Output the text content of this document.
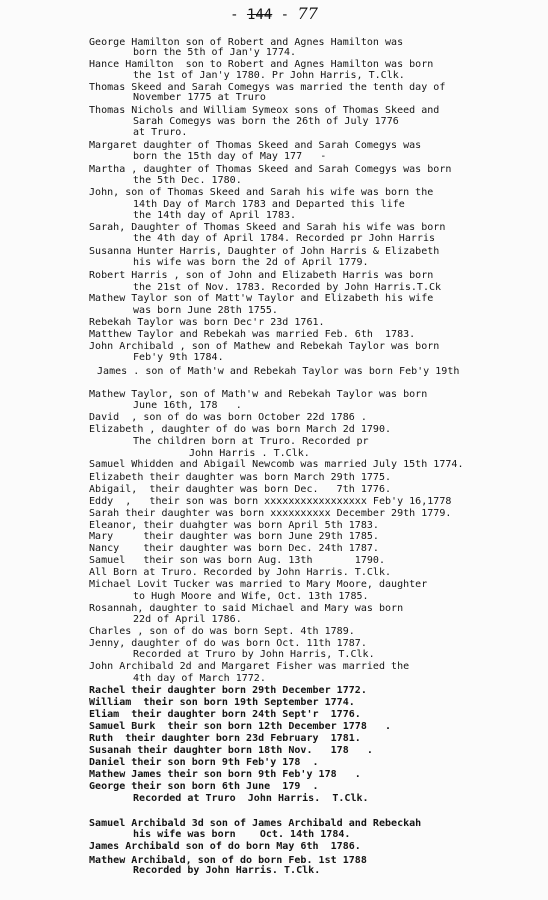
- 144 - 77
George Hamilton son of Robert and Agnes Hamilton was
born the 5th of Jan'y 1774.
Hance Hamilton  son to Robert and Agnes Hamilton was born
the 1st of Jan'y 1780. Pr John Harris, T.Clk.
Thomas Skeed and Sarah Comegys was married the tenth day of
November 1775 at Truro
Thomas Nichols and William Symeox sons of Thomas Skeed and
Sarah Comegys was born the 26th of July 1776
at Truro.
Margaret daughter of Thomas Skeed and Sarah Comegys was
born the 15th day of May 177   -
Martha , daughter of Thomas Skeed and Sarah Comegys was born
the 5th Dec. 1780.
John, son of Thomas Skeed and Sarah his wife was born the
14th Day of March 1783 and Departed this life
the 14th day of April 1783.
Sarah, Daughter of Thomas Skeed and Sarah his wife was born
the 4th day of April 1784. Recorded pr John Harris
Susanna Hunter Harris, Daughter of John Harris & Elizabeth
his wife was born the 2d of April 1779.
Robert Harris , son of John and Elizabeth Harris was born
the 21st of Nov. 1783. Recorded by John Harris.T.Ck
Mathew Taylor son of Matt'w Taylor and Elizabeth his wife
was born June 28th 1755.
Rebekah Taylor was born Dec'r 23d 1761.
Matthew Taylor and Rebekah was married Feb. 6th  1783.
John Archibald , son of Mathew and Rebekah Taylor was born
Feb'y 9th 1784.
James . son of Math'w and Rebekah Taylor was born Feb'y 19th
Mathew Taylor, son of Math'w and Rebekah Taylor was born
June 16th, 178   .
David  , son of do was born October 22d 1786 .
Elizabeth , daughter of do was born March 2d 1790.
The children born at Truro. Recorded pr
John Harris . T.Clk.
Samuel Whidden and Abigail Newcomb was married July 15th 1774.
Elizabeth their daughter was born March 29th 1775.
Abigail,  their daughter was born Dec.   7th 1776.
Eddy  ,   their son was born xxxxxxxxxxxxxxxxx Feb'y 16,1778
Sarah their daughter was born xxxxxxxxxx December 29th 1779.
Eleanor, their duahgter was born April 5th 1783.
Mary     their daughter was born June 29th 1785.
Nancy    their daughter was born Dec. 24th 1787.
Samuel   their son was born Aug. 13th       1790.
All Born at Truro. Recorded by John Harris. T.Clk.
Michael Lovit Tucker was married to Mary Moore, daughter
to Hugh Moore and Wife, Oct. 13th 1785.
Rosannah, daughter to said Michael and Mary was born
22d of April 1786.
Charles , son of do was born Sept. 4th 1789.
Jenny, daughter of do was born Oct. 11th 1787.
Recorded at Truro by John Harris, T.Clk.
John Archibald 2d and Margaret Fisher was married the
4th day of March 1772.
Rachel their daughter born 29th December 1772.
William  their son born 19th September 1774.
Eliam  their daughter born 24th Sept'r  1776.
Samuel Burk  their son born 12th December 1778   .
Ruth  their daughter born 23d February  1781.
Susanah their daughter born 18th Nov.   178   .
Daniel their son born 9th Feb'y 178  .
Mathew James their son born 9th Feb'y 178   .
George their son born 6th June  179  .
Recorded at Truro  John Harris.  T.Clk.
Samuel Archibald 3d son of James Archibald and Rebeckah
his wife was born    Oct. 14th 1784.
James Archibald son of do born May 6th  1786.
Mathew Archibald, son of do born Feb. 1st 1788
Recorded by John Harris. T.Clk.
